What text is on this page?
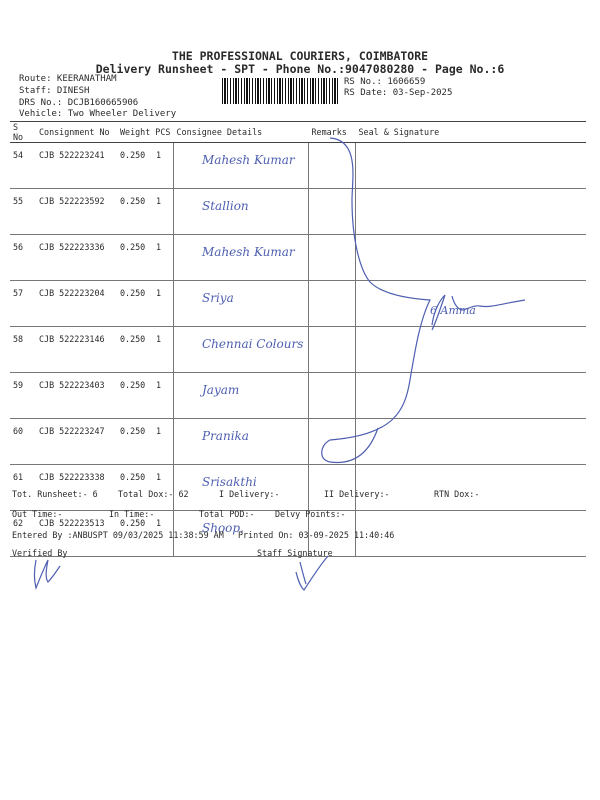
THE PROFESSIONAL COURIERS, COIMBATORE
Delivery Runsheet - SPT - Phone No.:9047080280 - Page No.:6
Route: KEERANATHAM
Staff: DINESH
DRS No.: DCJB160665906
Vehicle: Two Wheeler Delivery
RS No.: 1606659
RS Date: 03-Sep-2025
S No	Consignment No	Weight PCS		Consignee Details	Remarks	Seal & Signature
54	CJB 522223241	0.250	1	Mahesh Kumar		

55	CJB 522223592	0.250	1	Stallion		

56	CJB 522223336	0.250	1	Mahesh Kumar		

57	CJB 522223204	0.250	1	Sriya		

58	CJB 522223146	0.250	1	Chennai Colours		

59	CJB 522223403	0.250	1	Jayam		

60	CJB 522223247	0.250	1	Pranika		

61	CJB 522223338	0.250	1	Srisakthi		

62	CJB 522223513	0.250	1	Shoop.		

6 Amma
Tot. Runsheet:- 6 Total Dox:- 62	I Delivery:-	II Delivery:-	RTN Dox:-
Out Time:-	In Time:-	Total POD:- Delvy Points:-
Entered By :ANBUSPT 09/03/2025 11:38:59 AM Printed On: 03-09-2025 11:40:46
Verified By	Staff Signature
